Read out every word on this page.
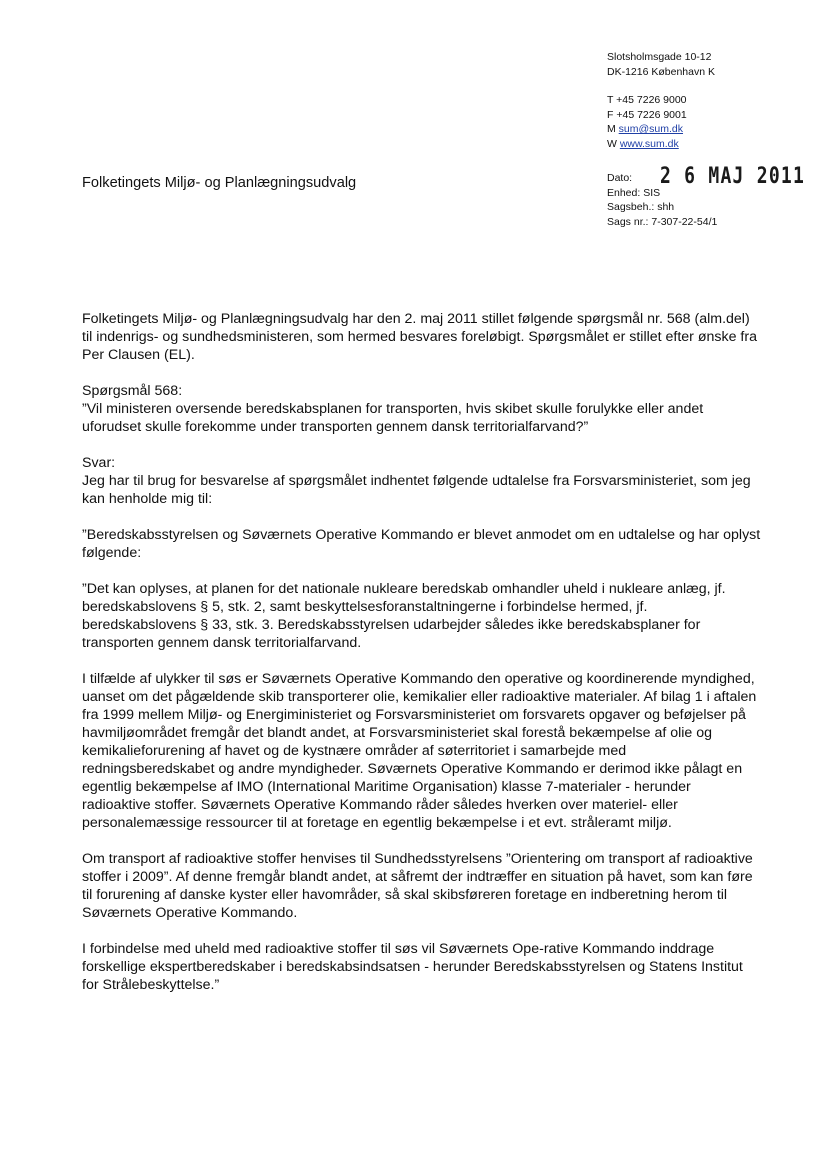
Slotsholmsgade 10-12
DK-1216 København K
T +45 7226 9000
F +45 7226 9001
M sum@sum.dk
W www.sum.dk
Folketingets Miljø- og Planlægningsudvalg	Dato: 2 6 MAJ 2011
Enhed: SIS
Sagsbeh.: shh
Sags nr.: 7-307-22-54/1

Folketingets Miljø- og Planlægningsudvalg har den 2. maj 2011 stillet følgende spørgsmål nr. 568 (alm.del) til indenrigs- og sundhedsministeren, som hermed besvares foreløbigt. Spørgsmålet er stillet efter ønske fra Per Clausen (EL).

Spørgsmål 568:

”Vil ministeren oversende beredskabsplanen for transporten, hvis skibet skulle forulykke eller andet uforudset skulle forekomme under transporten gennem dansk territorialfarvand?”

Svar:

Jeg har til brug for besvarelse af spørgsmålet indhentet følgende udtalelse fra Forsvarsministeriet, som jeg kan henholde mig til:

”Beredskabsstyrelsen og Søværnets Operative Kommando er blevet anmodet om en udtalelse og har oplyst følgende:

”Det kan oplyses, at planen for det nationale nukleare beredskab omhandler uheld i nukleare anlæg, jf. beredskabslovens § 5, stk. 2, samt beskyttelsesforanstaltningerne i forbindelse hermed, jf. beredskabslovens § 33, stk. 3. Beredskabsstyrelsen udarbejder således ikke beredskabsplaner for transporten gennem dansk territorialfarvand.

I tilfælde af ulykker til søs er Søværnets Operative Kommando den operative og koordinerende myndighed, uanset om det pågældende skib transporterer olie, kemikalier eller radioaktive materialer. Af bilag 1 i aftalen fra 1999 mellem Miljø- og Energiministeriet og Forsvarsministeriet om forsvarets opgaver og beføjelser på havmiljøområdet fremgår det blandt andet, at Forsvarsministeriet skal forestå bekæmpelse af olie og kemikalieforurening af havet og de kystnære områder af søterritoriet i samarbejde med redningsberedskabet og andre myndigheder. Søværnets Operative Kommando er derimod ikke pålagt en egentlig bekæmpelse af IMO (International Maritime Organisation) klasse 7-materialer - herunder radioaktive stoffer. Søværnets Operative Kommando råder således hverken over materiel- eller personalemæssige ressourcer til at foretage en egentlig bekæmpelse i et evt. strålеramt miljø.

Om transport af radioaktive stoffer henvises til Sundhedsstyrelsens ”Orientering om transport af radioaktive stoffer i 2009”. Af denne fremgår blandt andet, at såfremt der indtræffer en situation på havet, som kan føre til forurening af danske kyster eller havområder, så skal skibsføreren foretage en indberetning herom til Søværnets Operative Kommando.

I forbindelse med uheld med radioaktive stoffer til søs vil Søværnets Ope-rative Kommando inddrage forskellige ekspertberedskaber i beredskabsindsatsen - herunder Beredskabsstyrelsen og Statens Institut for Strålebeskyttelse.”
